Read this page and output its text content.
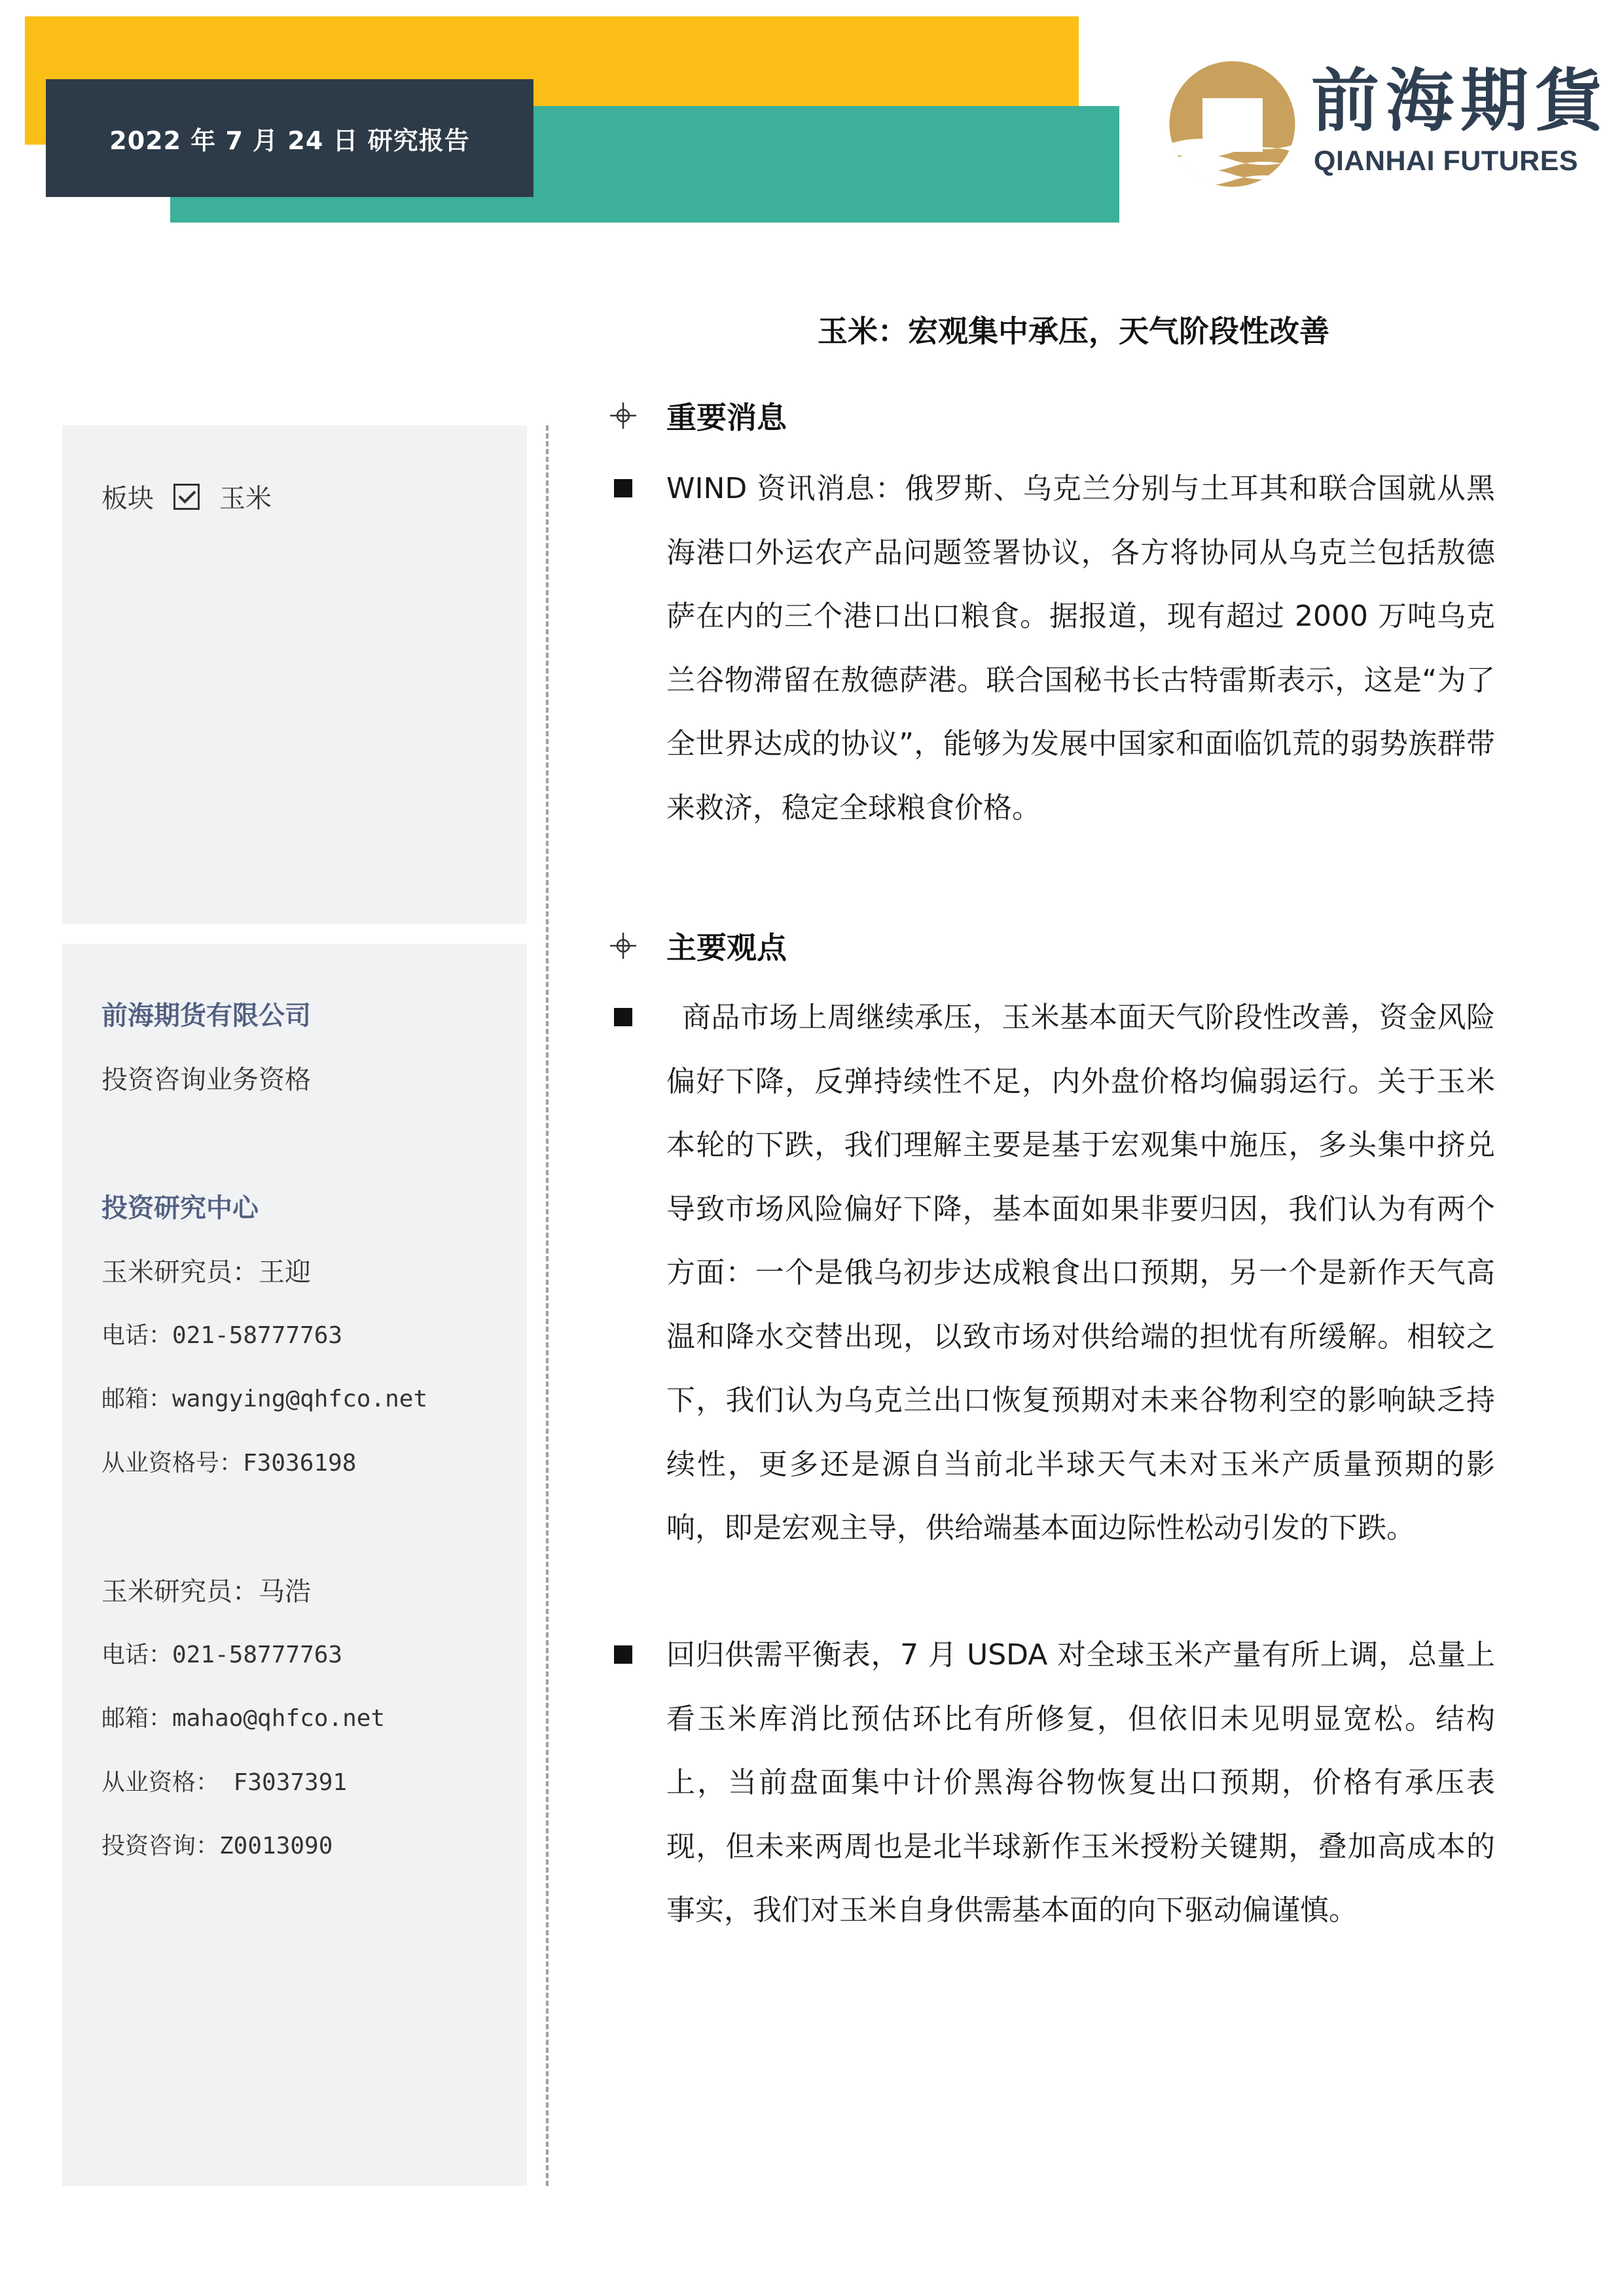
2022 年 7 月 24 日 研究报告	前海期貨
QIANHAI FUTURES
玉米：宏观集中承压，天气阶段性改善
板块	玉米
前海期货有限公司
投资咨询业务资格
投资研究中心
玉米研究员：王迎
电话：021-58777763
邮箱：wangying@qhfco.net
从业资格号：F3036198
玉米研究员：马浩
电话：021-58777763
邮箱：mahao@qhfco.net
从业资格： F3037391
投资咨询：Z0013090
重要消息

WIND 资讯消息：俄罗斯、乌克兰分别与土耳其和联合国就从黑海港口外运农产品问题签署协议，各方将协同从乌克兰包括敖德萨在内的三个港口出口粮食。据报道，现有超过 2000 万吨乌克兰谷物滞留在敖德萨港。联合国秘书长古特雷斯表示，这是“为了全世界达成的协议”，能够为发展中国家和面临饥荒的弱势族群带来救济，稳定全球粮食价格。

主要观点

商品市场上周继续承压，玉米基本面天气阶段性改善，资金风险偏好下降，反弹持续性不足，内外盘价格均偏弱运行。关于玉米本轮的下跌，我们理解主要是基于宏观集中施压，多头集中挤兑导致市场风险偏好下降，基本面如果非要归因，我们认为有两个方面：一个是俄乌初步达成粮食出口预期，另一个是新作天气高温和降水交替出现，以致市场对供给端的担忧有所缓解。相较之下，我们认为乌克兰出口恢复预期对未来谷物利空的影响缺乏持续性，更多还是源自当前北半球天气未对玉米产质量预期的影响，即是宏观主导，供给端基本面边际性松动引发的下跌。

回归供需平衡表，7 月 USDA 对全球玉米产量有所上调，总量上看玉米库消比预估环比有所修复，但依旧未见明显宽松。结构上，当前盘面集中计价黑海谷物恢复出口预期，价格有承压表现，但未来两周也是北半球新作玉米授粉关键期，叠加高成本的事实，我们对玉米自身供需基本面的向下驱动偏谨慎。
